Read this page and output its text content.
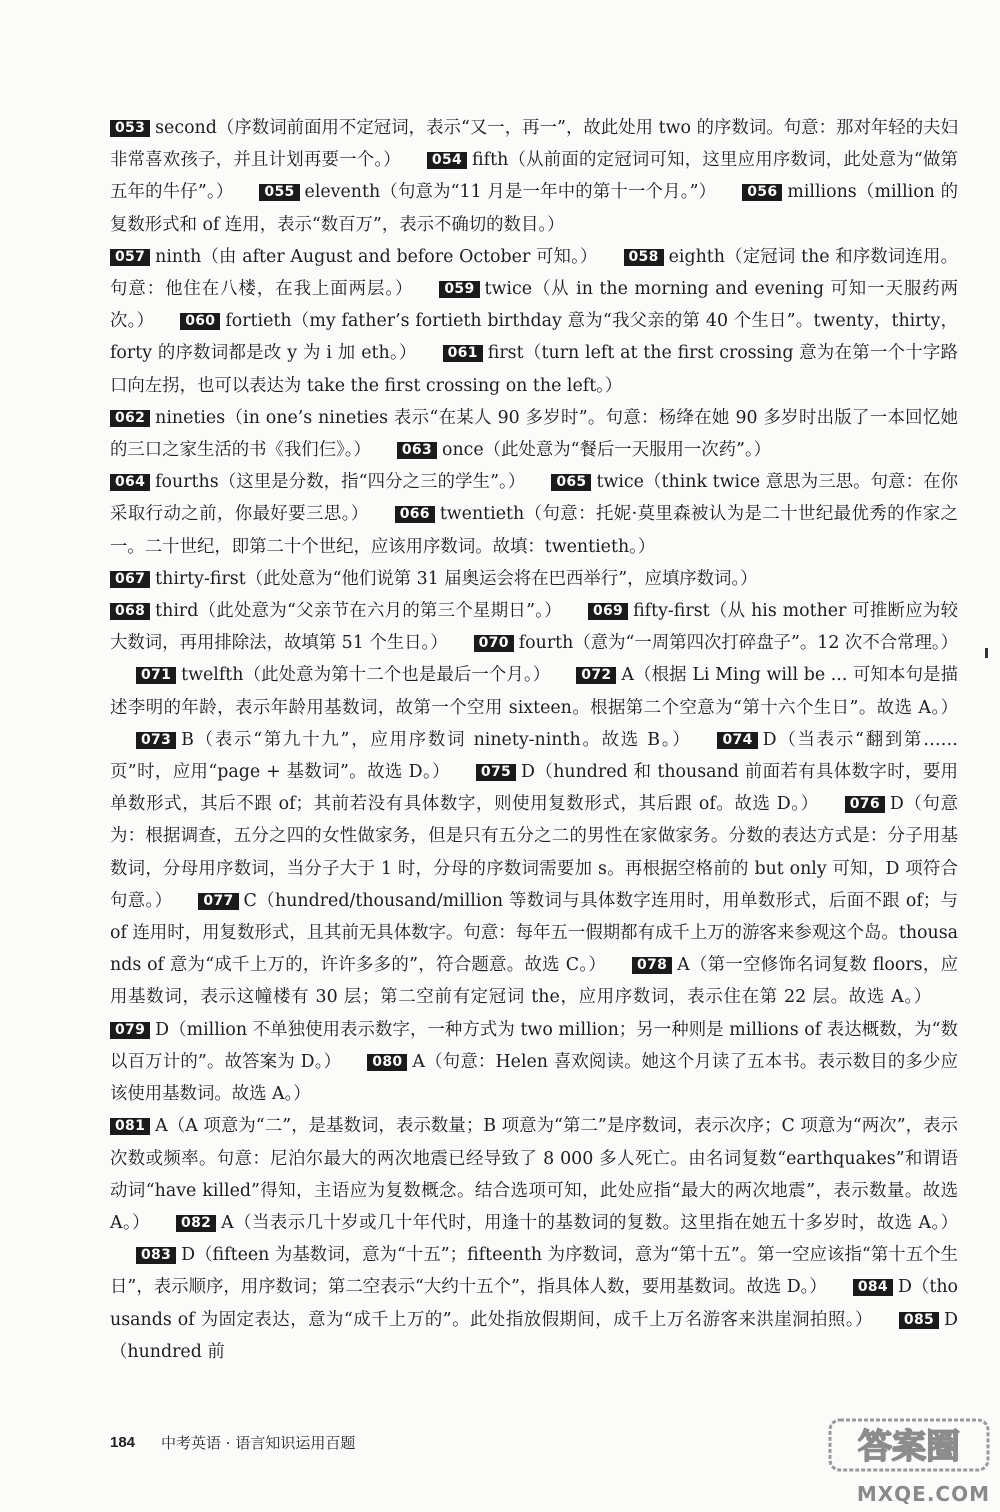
053 second（序数词前面用不定冠词，表示“又一，再一”，故此处用 two 的序数词。句意：那对年轻的夫妇非常喜欢孩子，并且计划再要一个。） 054 fifth（从前面的定冠词可知，这里应用序数词，此处意为“做第五年的牛仔”。） 055 eleventh（句意为“11 月是一年中的第十一个月。”） 056 millions（million 的复数形式和 of 连用，表示“数百万”，表示不确切的数目。）
057 ninth（由 after August and before October 可知。） 058 eighth（定冠词 the 和序数词连用。句意：他住在八楼，在我上面两层。） 059 twice（从 in the morning and evening 可知一天服药两次。） 060 fortieth（my father’s fortieth birthday 意为“我父亲的第 40 个生日”。twenty，thirty，forty 的序数词都是改 y 为 i 加 eth。） 061 first（turn left at the first crossing 意为在第一个十字路口向左拐，也可以表达为 take the first crossing on the left。）
062 nineties（in one’s nineties 表示“在某人 90 多岁时”。句意：杨绛在她 90 多岁时出版了一本回忆她的三口之家生活的书《我们仨》。） 063 once（此处意为“餐后一天服用一次药”。）
064 fourths（这里是分数，指“四分之三的学生”。） 065 twice（think twice 意思为三思。句意：在你采取行动之前，你最好要三思。） 066 twentieth（句意：托妮·莫里森被认为是二十世纪最优秀的作家之一。二十世纪，即第二十个世纪，应该用序数词。故填：twentieth。）
067 thirty-first（此处意为“他们说第 31 届奥运会将在巴西举行”，应填序数词。）
068 third（此处意为“父亲节在六月的第三个星期日”。） 069 fifty-first（从 his mother 可推断应为较大数词，再用排除法，故填第 51 个生日。） 070 fourth（意为“一周第四次打碎盘子”。12 次不合常理。）071 twelfth（此处意为第十二个也是最后一个月。） 072 A（根据 Li Ming will be ... 可知本句是描述李明的年龄，表示年龄用基数词，故第一个空用 sixteen。根据第二个空意为“第十六个生日”。故选 A。）073 B（表示“第九十九”，应用序数词 ninety-ninth。故选 B。） 074 D（当表示“翻到第……页”时，应用“page + 基数词”。故选 D。） 075 D（hundred 和 thousand 前面若有具体数字时，要用单数形式，其后不跟 of；其前若没有具体数字，则使用复数形式，其后跟 of。故选 D。） 076 D（句意为：根据调查，五分之四的女性做家务，但是只有五分之二的男性在家做家务。分数的表达方式是：分子用基数词，分母用序数词，当分子大于 1 时，分母的序数词需要加 s。再根据空格前的 but only 可知，D 项符合句意。） 077 C（hundred/thousand/million 等数词与具体数字连用时，用单数形式，后面不跟 of；与 of 连用时，用复数形式，且其前无具体数字。句意：每年五一假期都有成千上万的游客来参观这个岛。thousands of 意为“成千上万的，许许多多的”，符合题意。故选 C。） 078 A（第一空修饰名词复数 floors，应用基数词，表示这幢楼有 30 层；第二空前有定冠词 the，应用序数词，表示住在第 22 层。故选 A。）079 D（million 不单独使用表示数字，一种方式为 two million；另一种则是 millions of 表达概数，为“数以百万计的”。故答案为 D。） 080 A（句意：Helen 喜欢阅读。她这个月读了五本书。表示数目的多少应该使用基数词。故选 A。）
081 A（A 项意为“二”，是基数词，表示数量；B 项意为“第二”是序数词，表示次序；C 项意为“两次”，表示次数或频率。句意：尼泊尔最大的两次地震已经导致了 8 000 多人死亡。由名词复数“earthquakes”和谓语动词“have killed”得知，主语应为复数概念。结合选项可知，此处应指“最大的两次地震”，表示数量。故选 A。） 082 A（当表示几十岁或几十年代时，用逢十的基数词的复数。这里指在她五十多岁时，故选 A。）083 D（fifteen 为基数词，意为“十五”；fifteenth 为序数词，意为“第十五”。第一空应该指“第十五个生日”，表示顺序，用序数词；第二空表示“大约十五个”，指具体人数，要用基数词。故选 D。） 084 D（thousands of 为固定表达，意为“成千上万的”。此处指放假期间，成千上万名游客来洪崖洞拍照。） 085 D（hundred 前
184 中考英语 · 语言知识运用百题	答案圈
MXQE.COM
